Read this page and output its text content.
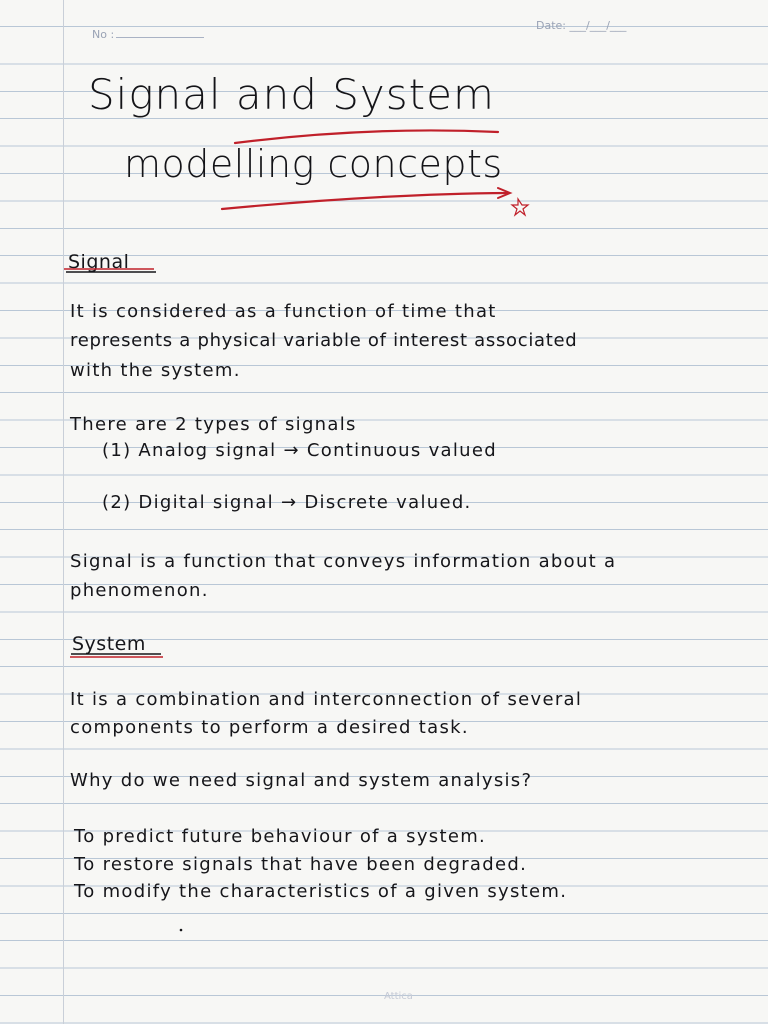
No :
Date: ___/___/___
Signal and System
modelling concepts
Signal
It is considered as a function of time that
represents a physical variable of interest associated
with the system.
There are 2 types of signals
(1) Analog signal → Continuous valued
(2) Digital signal → Discrete valued.
Signal is a function that conveys information about a
phenomenon.
System
It is a combination and interconnection of several
components to perform a desired task.
Why do we need signal and system analysis?
To predict future behaviour of a system.
To restore signals that have been degraded.
To modify the characteristics of a given system.
Attica
